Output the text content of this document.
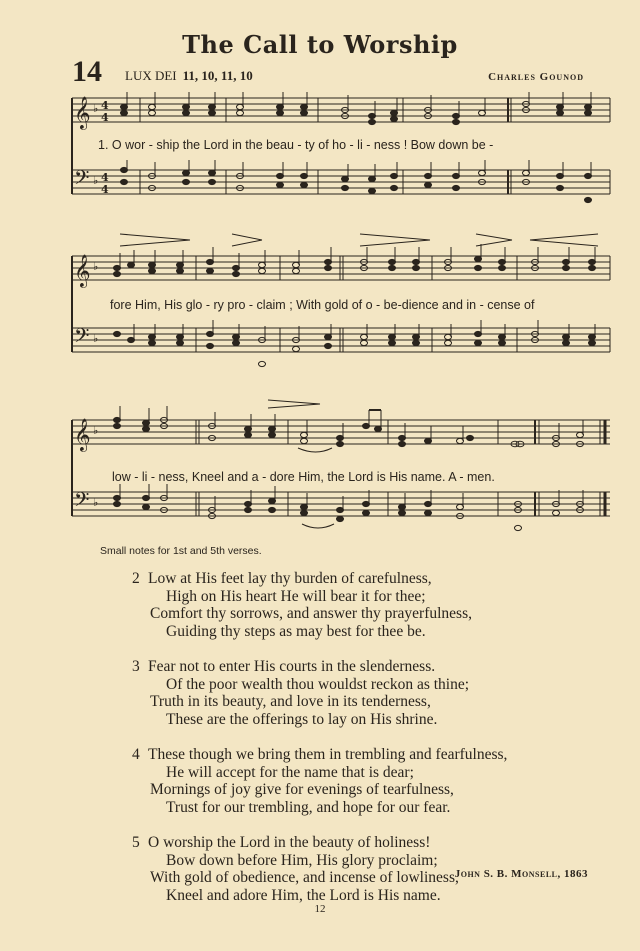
The Call to Worship
14 LUX DEI 11, 10, 11, 10	Charles Gounod
𝄞
𝄢
♭
♭
4
4
4
4
1. O wor - ship the Lord in the beau - ty of ho - li - ness ! Bow down be -
𝄞
𝄢
♭
♭
fore Him, His glo - ry pro - claim ; With gold of o - be-dience and in - cense of
𝄞
𝄢
♭
♭
low - li - ness, Kneel and a - dore Him, the Lord is His name. A - men.
Small notes for 1st and 5th verses.
2 Low at His feet lay thy burden of carefulness,
High on His heart He will bear it for thee;
Comfort thy sorrows, and answer thy prayerfulness,
Guiding thy steps as may best for thee be.
3 Fear not to enter His courts in the slenderness.
Of the poor wealth thou wouldst reckon as thine;
Truth in its beauty, and love in its tenderness,
These are the offerings to lay on His shrine.
4 These though we bring them in trembling and fearfulness,
He will accept for the name that is dear;
Mornings of joy give for evenings of tearfulness,
Trust for our trembling, and hope for our fear.
5 O worship the Lord in the beauty of holiness!
Bow down before Him, His glory proclaim;
With gold of obedience, and incense of lowliness,
Kneel and adore Him, the Lord is His name.
John S. B. Monsell, 1863
12
